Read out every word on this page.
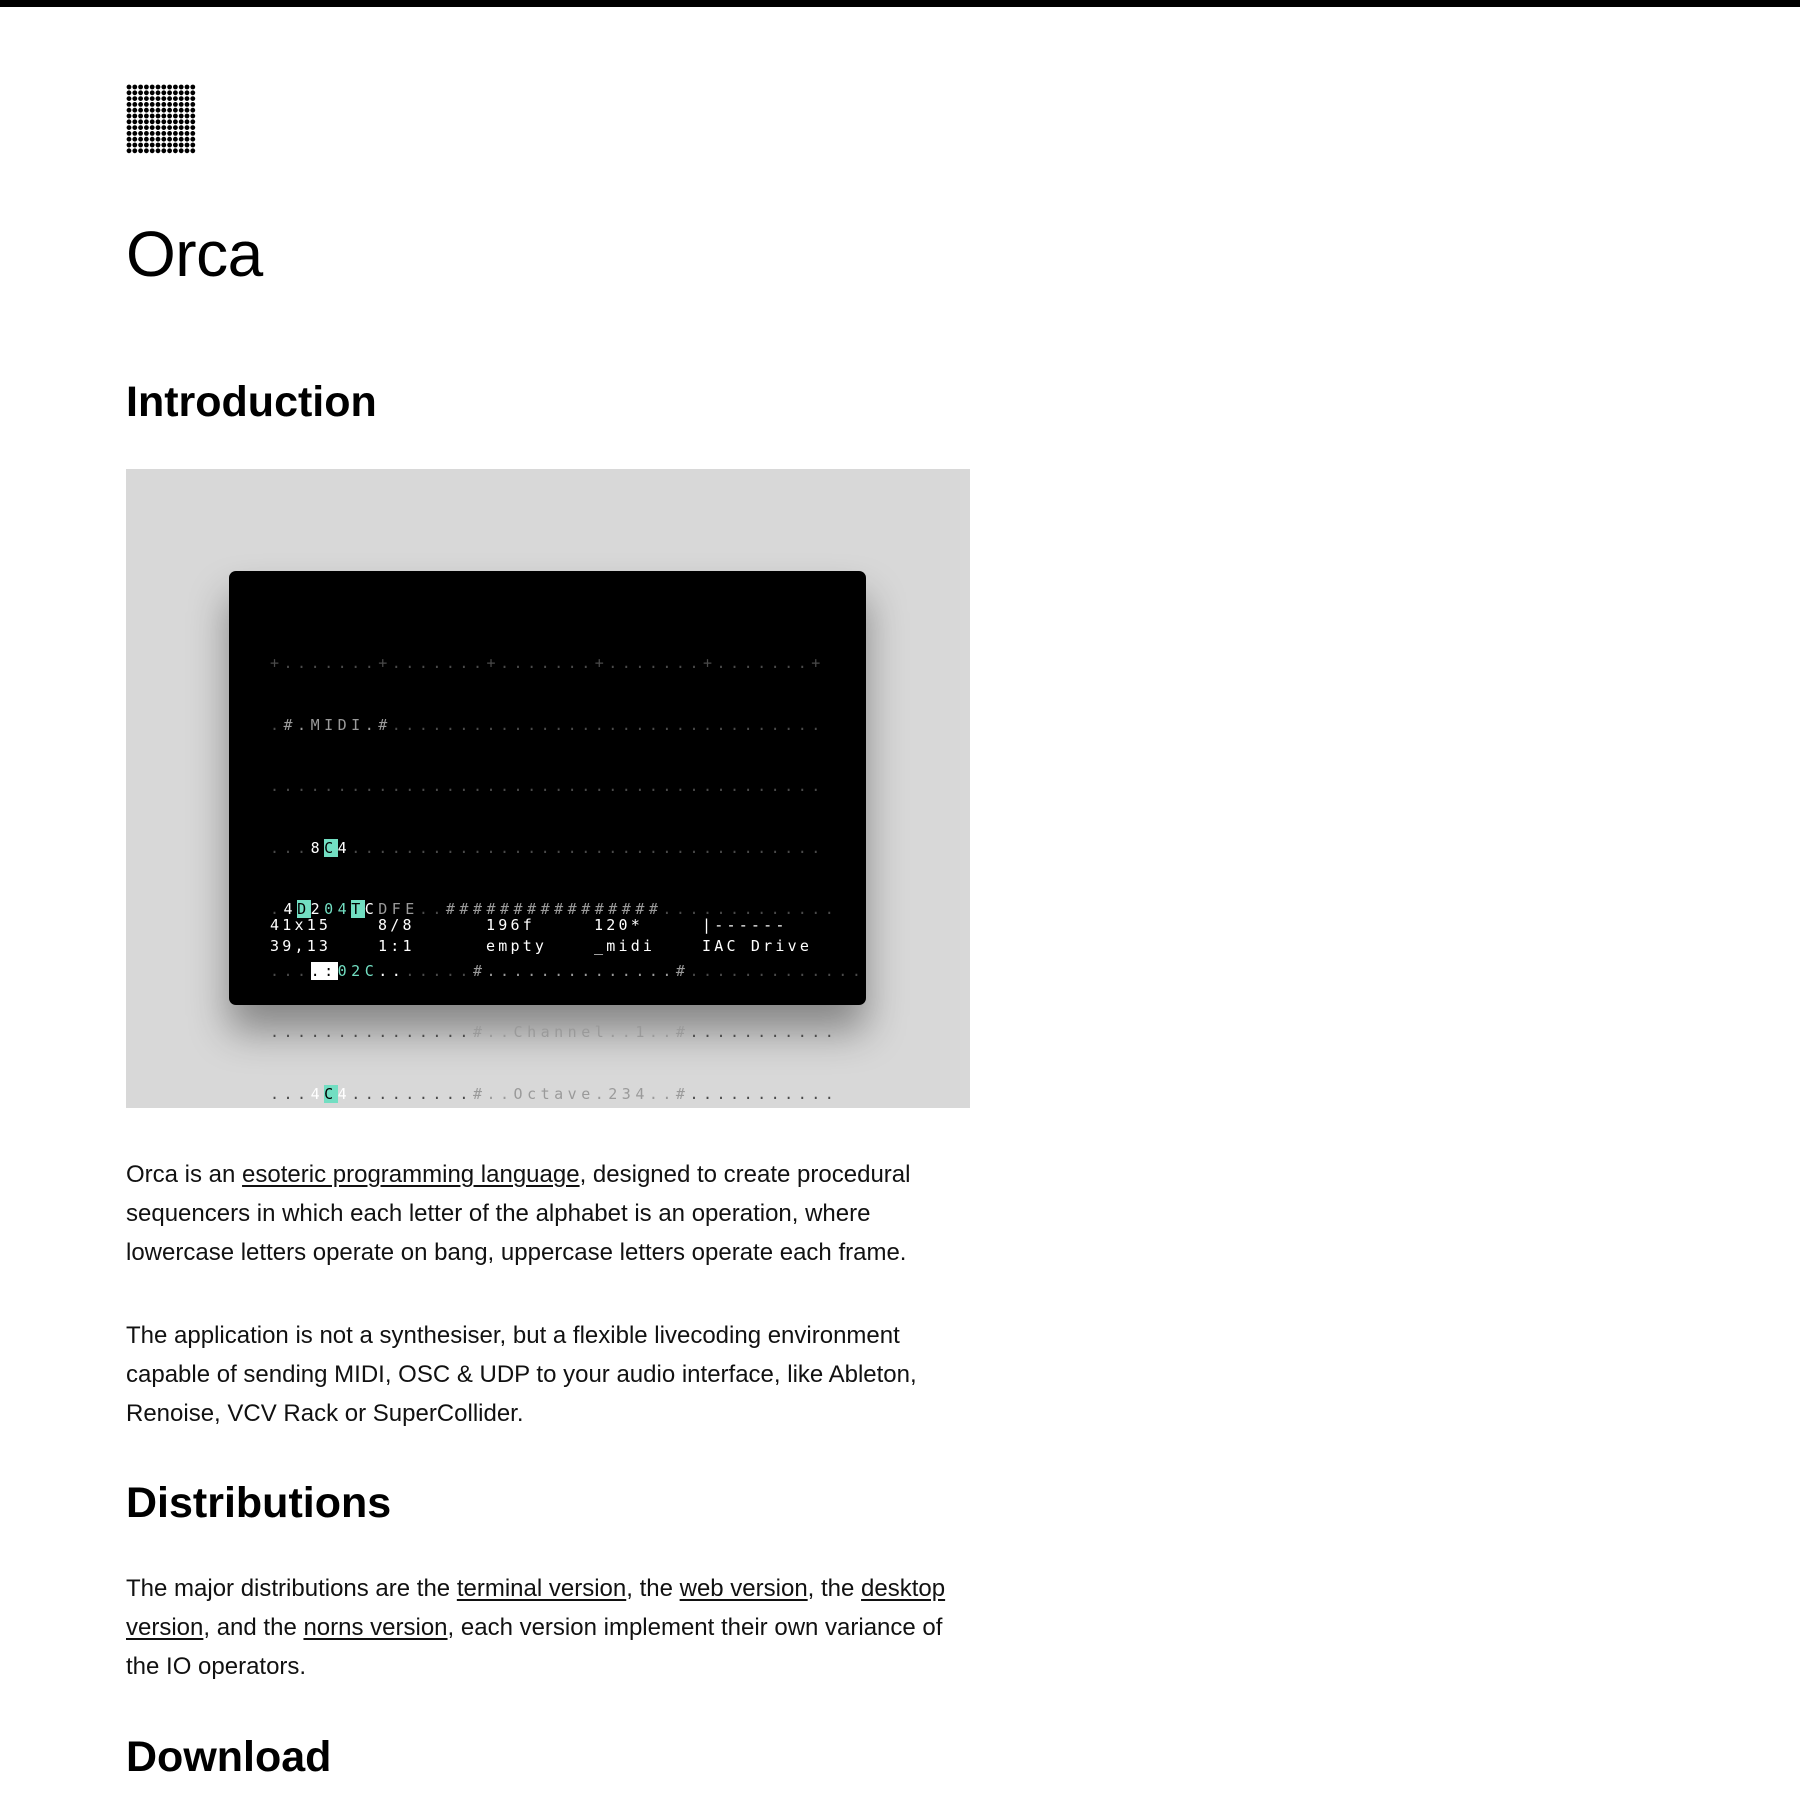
Orca
Introduction

+.......+.......+.......+.......+.......+

.#.MIDI.#................................

.........................................

...8C4...................................

.4D204TCDFE..################.............

....:02C.......#..............#.............

...............#..Channel..1..#...........

...4C4.........#..Octave.234..#...........

41x15	8/8	196f	120*	|------
39,13	1:1	empty	_midi	IAC Drive

Orca is an esoteric programming language, designed to create procedural sequencers in which each letter of the alphabet is an operation, where lowercase letters operate on bang, uppercase letters operate each frame.

The application is not a synthesiser, but a flexible livecoding environment capable of sending MIDI, OSC & UDP to your audio interface, like Ableton, Renoise, VCV Rack or SuperCollider.

Distributions

The major distributions are the terminal version, the web version, the desktop version, and the norns version, each version implement their own variance of the IO operators.

Download
